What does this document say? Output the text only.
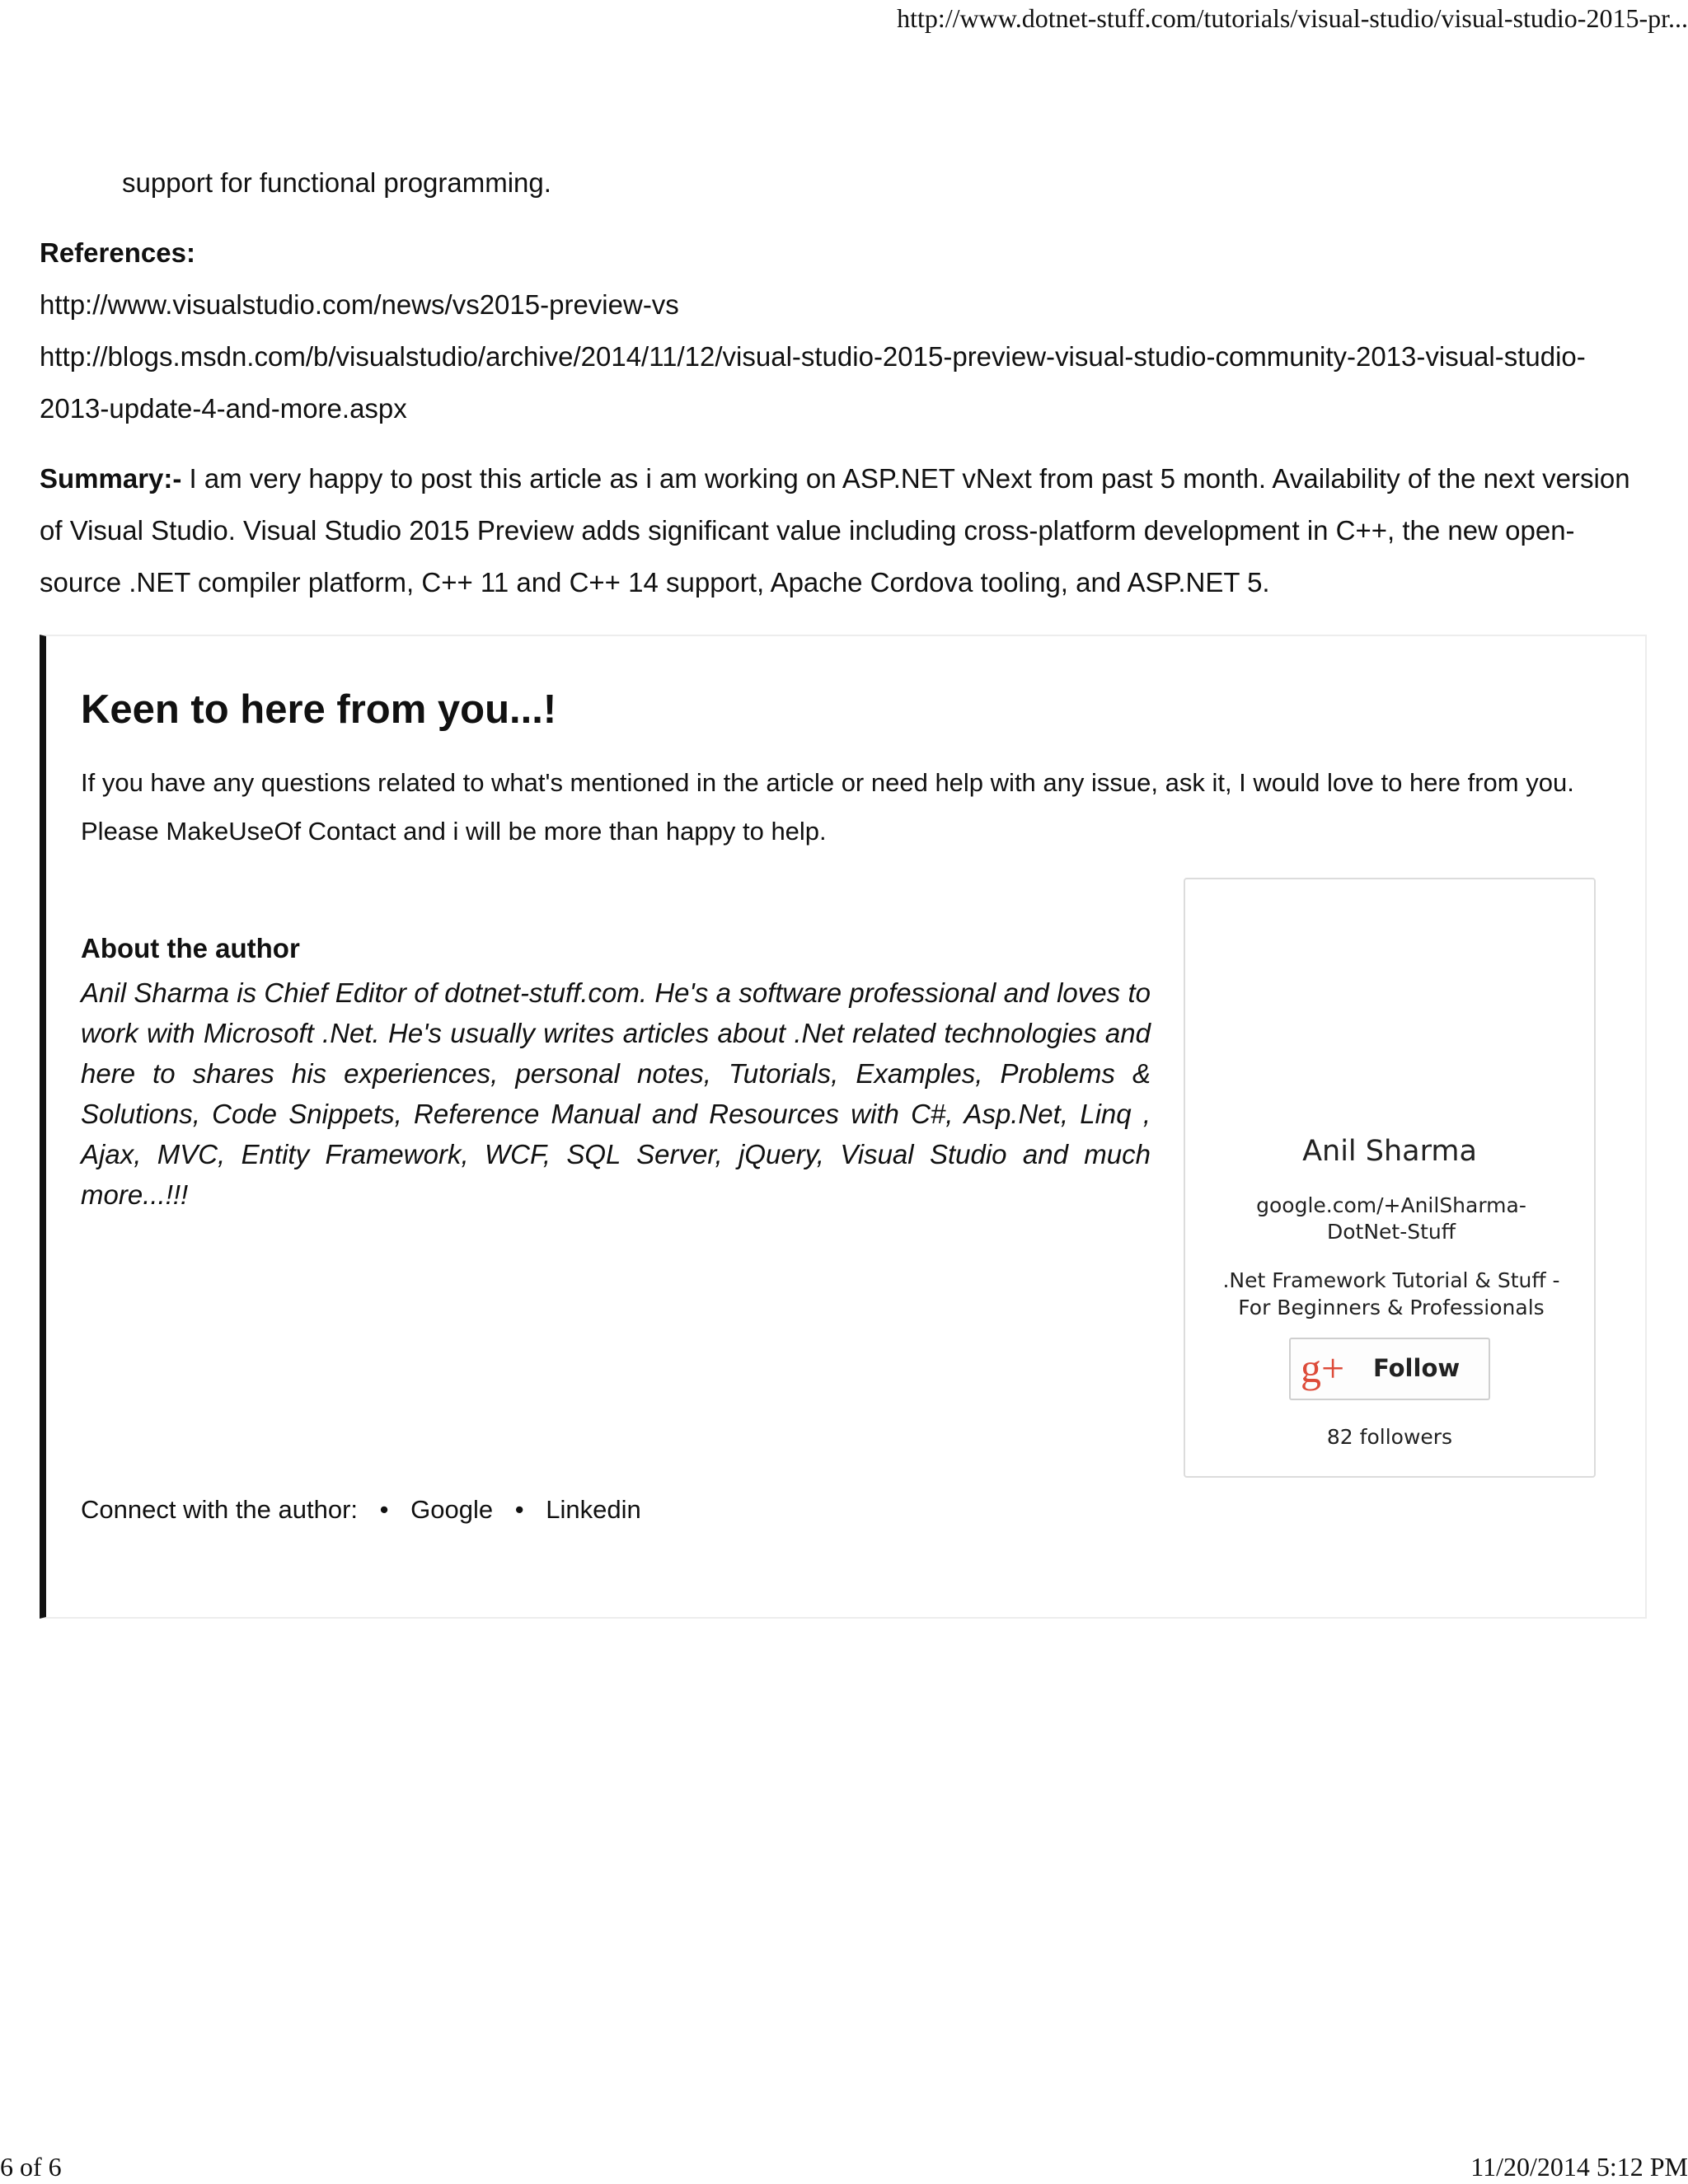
http://www.dotnet-stuff.com/tutorials/visual-studio/visual-studio-2015-pr...

support for functional programming.

References:

http://www.visualstudio.com/news/vs2015-preview-vs
http://blogs.msdn.com/b/visualstudio/archive/2014/11/12/visual-studio-2015-preview-visual-studio-community-2013-visual-studio-2013-update-4-and-more.aspx

Summary:- I am very happy to post this article as i am working on ASP.NET vNext from past 5 month. Availability of the next version of Visual Studio. Visual Studio 2015 Preview adds significant value including cross-platform development in C++, the new open-source .NET compiler platform, C++ 11 and C++ 14 support, Apache Cordova tooling, and ASP.NET 5.

Keen to here from you...!

If you have any questions related to what's mentioned in the article or need help with any issue, ask it, I would love to here from you. Please MakeUseOf Contact and i will be more than happy to help.

About the author

Anil Sharma is Chief Editor of dotnet-stuff.com. He's a software professional and loves to work with Microsoft .Net. He's usually writes articles about .Net related technologies and here to shares his experiences, personal notes, Tutorials, Examples, Problems & Solutions, Code Snippets, Reference Manual and Resources with C#, Asp.Net, Linq , Ajax, MVC, Entity Framework, WCF, SQL Server, jQuery, Visual Studio and much more...!!!

Connect with the author: • Google • Linkedin
Anil Sharma
google.com/+AnilSharma-DotNet-Stuff
.Net Framework Tutorial & Stuff - For Beginners & Professionals
g+ Follow
82 followers
6 of 6	11/20/2014 5:12 PM
